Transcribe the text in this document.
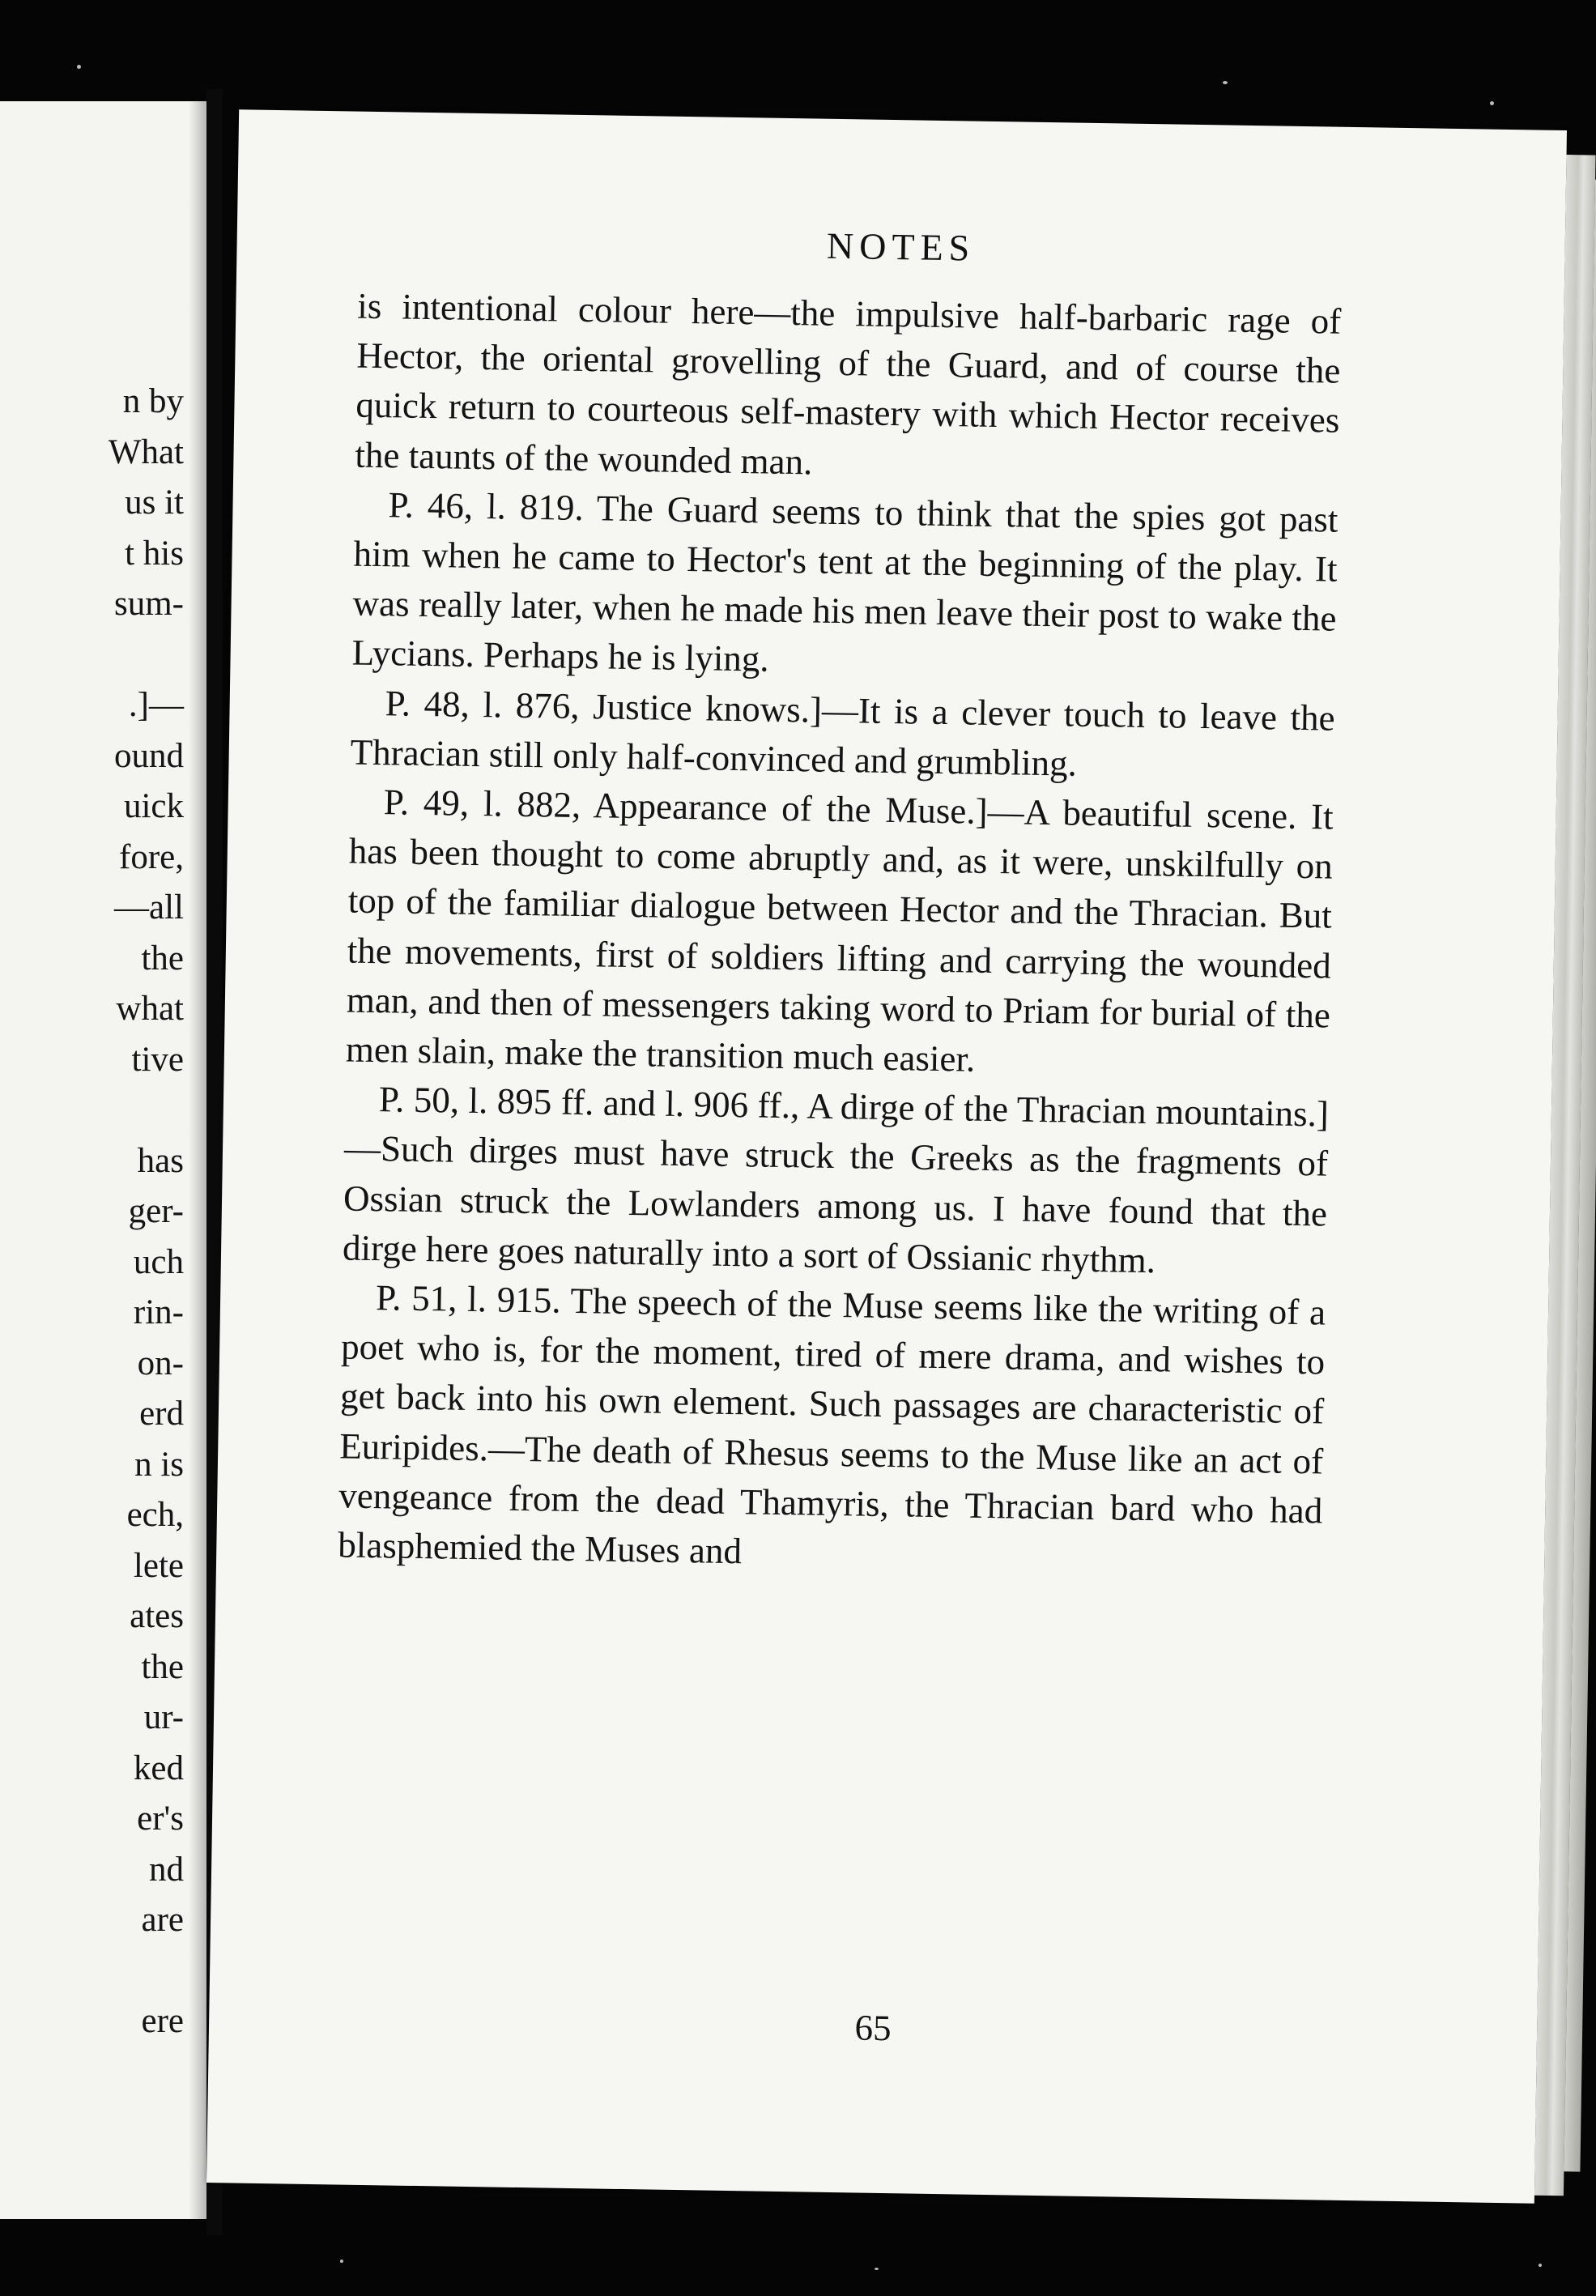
n by
What
us it
t his
sum-

.]—
ound
uick
fore,
—all
the
what
tive

has
ger-
uch
rin-
on-
erd
n is
ech,
lete
ates
the
ur-
ked
er's
nd
are

ere
NOTES

is intentional colour here—the impulsive half-barbaric rage of Hector, the oriental grovelling of the Guard, and of course the quick return to courteous self-mastery with which Hector receives the taunts of the wounded man.

P. 46, l. 819. The Guard seems to think that the spies got past him when he came to Hector's tent at the beginning of the play. It was really later, when he made his men leave their post to wake the Lycians. Perhaps he is lying.

P. 48, l. 876, Justice knows.]—It is a clever touch to leave the Thracian still only half-convinced and grumbling.

P. 49, l. 882, Appearance of the Muse.]—A beautiful scene. It has been thought to come abruptly and, as it were, unskilfully on top of the familiar dialogue between Hector and the Thracian. But the movements, first of soldiers lifting and carrying the wounded man, and then of messengers taking word to Priam for burial of the men slain, make the transition much easier.

P. 50, l. 895 ff. and l. 906 ff., A dirge of the Thracian mountains.]—Such dirges must have struck the Greeks as the fragments of Ossian struck the Lowlanders among us. I have found that the dirge here goes naturally into a sort of Ossianic rhythm.

P. 51, l. 915. The speech of the Muse seems like the writing of a poet who is, for the moment, tired of mere drama, and wishes to get back into his own element. Such passages are characteristic of Euripides.—The death of Rhesus seems to the Muse like an act of vengeance from the dead Thamyris, the Thracian bard who had blasphemied the Muses and

65
